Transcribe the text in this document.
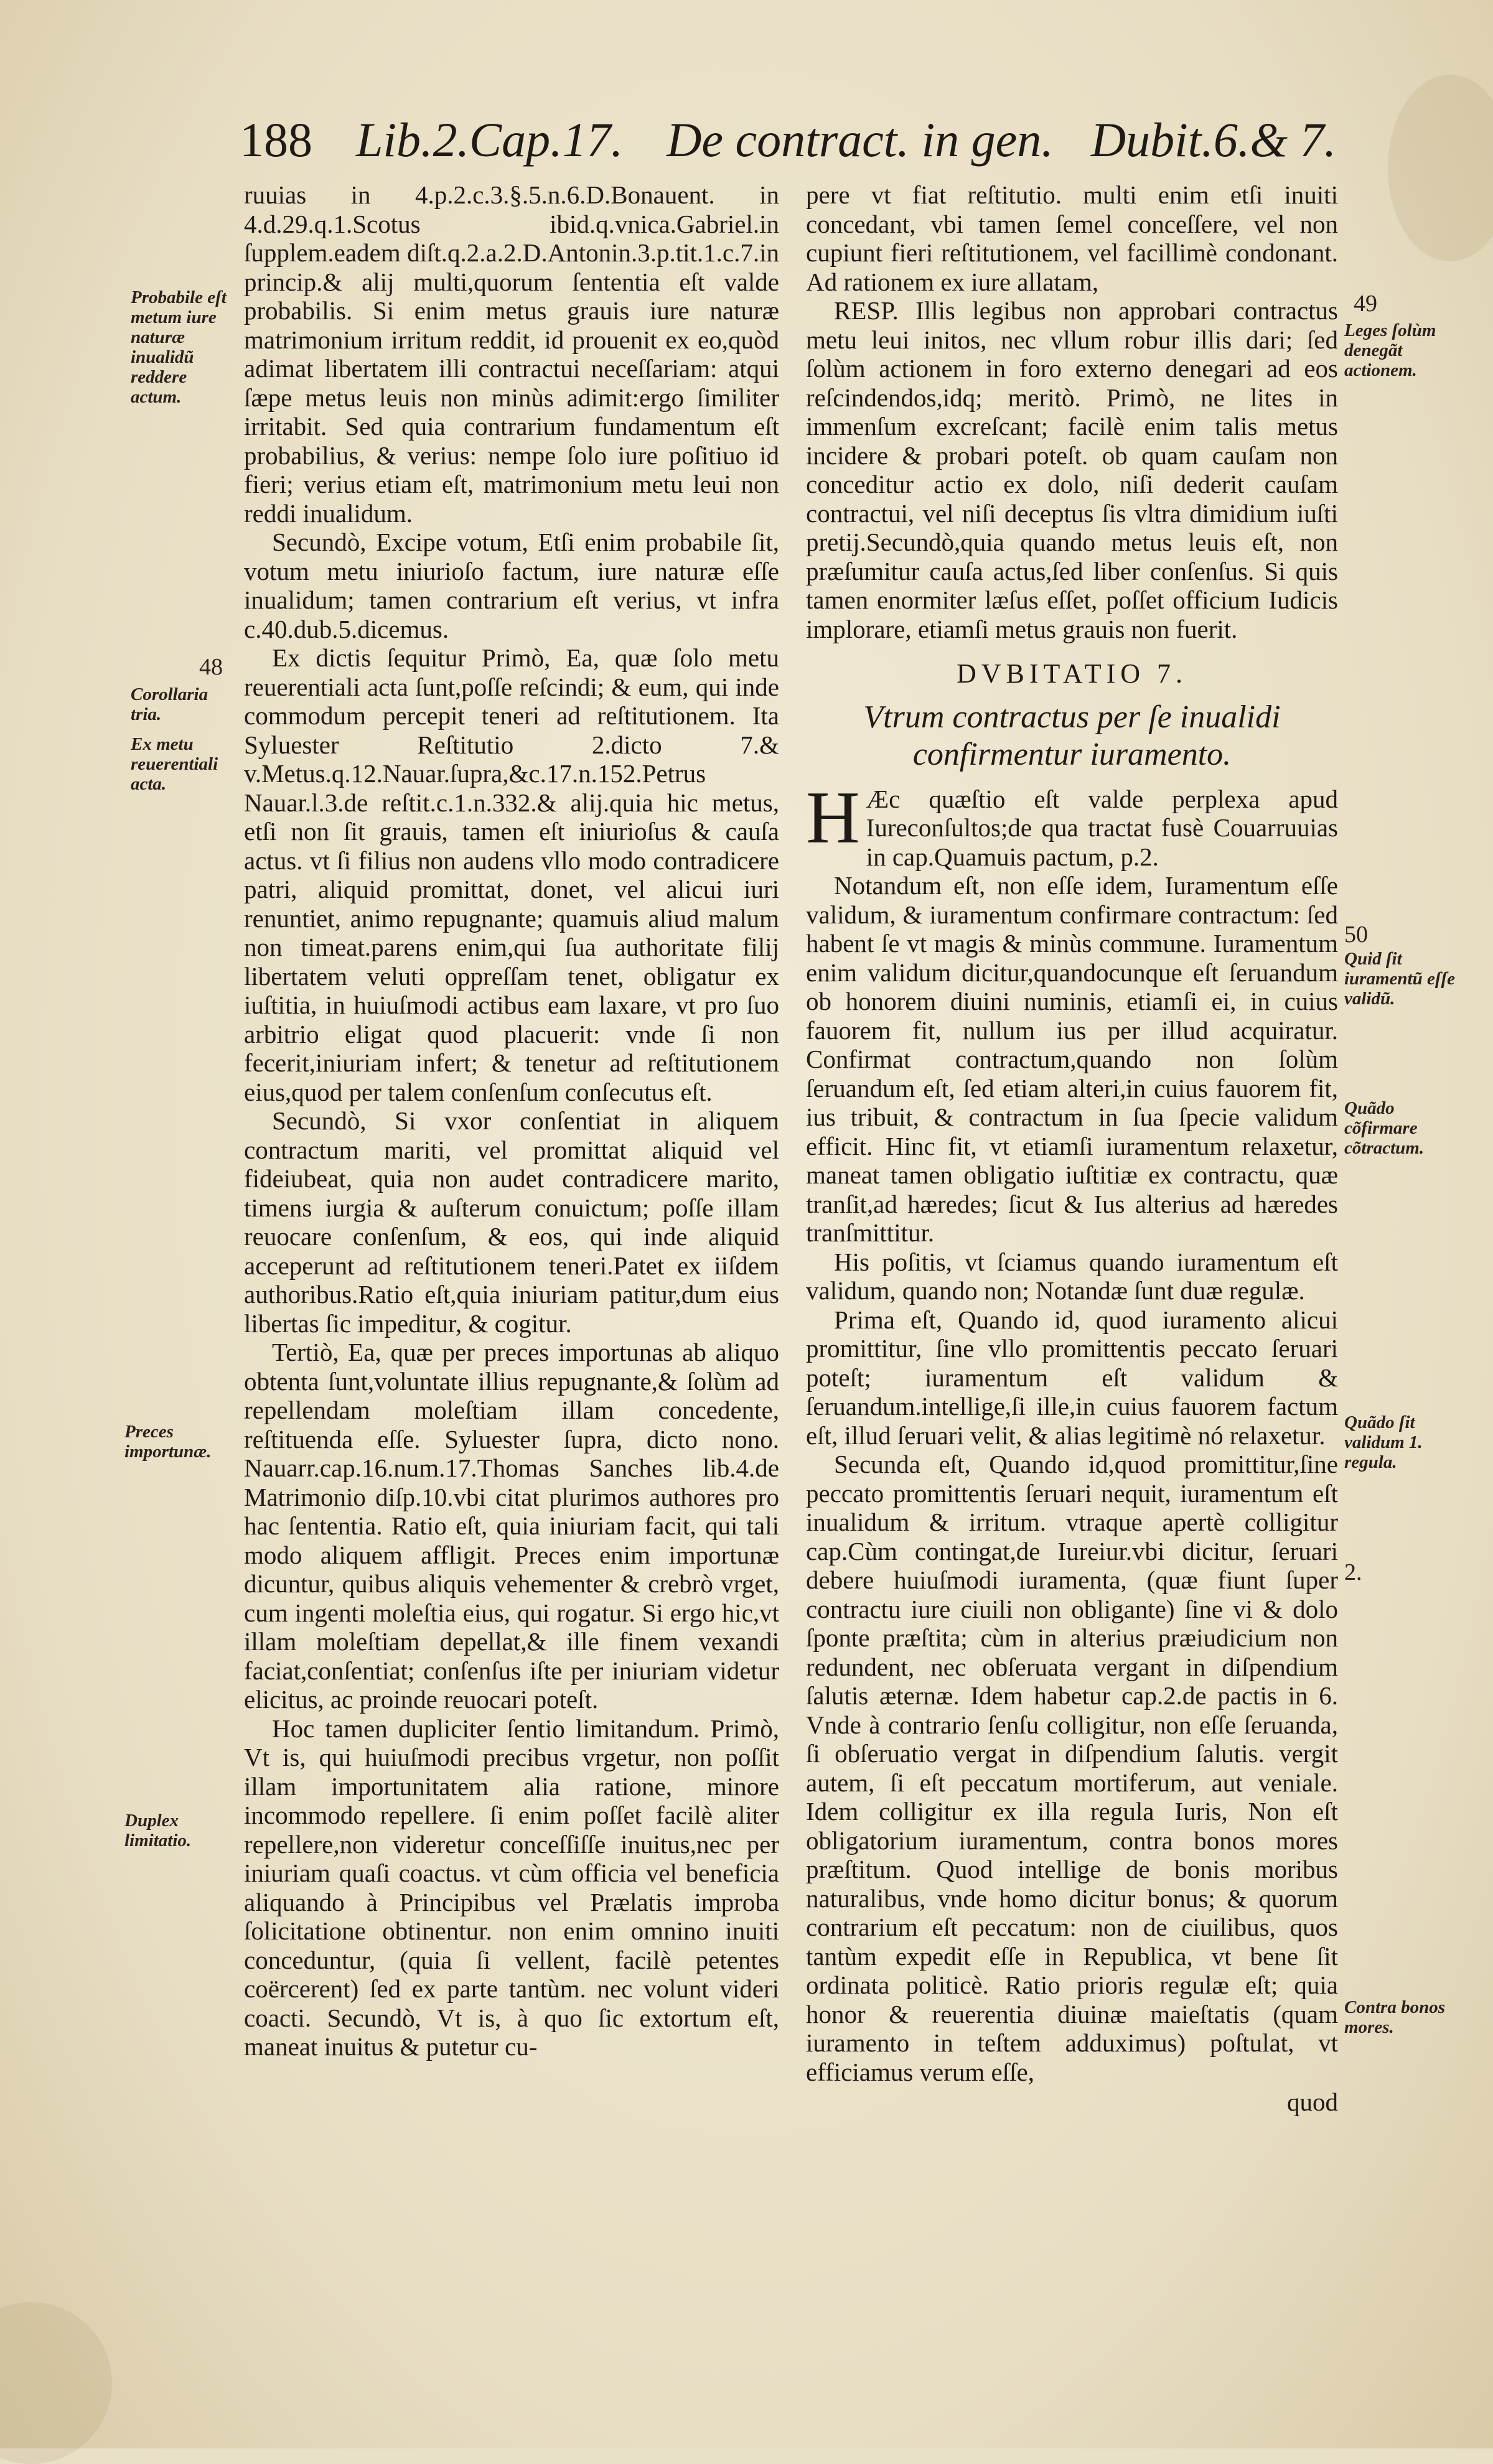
188 Lib.2.Cap.17. De contract. in gen. Dubit.6.& 7.
Probabile eſt metum iure naturæ inualidũ reddere actum.
48
Corollaria tria.
Ex metu reuerentiali acta.
Preces importunæ.
Duplex limitatio.
49
Leges ſolùm denegãt actionem.
50
Quid ſit iuramentũ eſſe validũ.
Quãdo cõfirmare cõtractum.
Quãdo ſit validum 1. regula.
2.
Contra bonos mores.

ruuias in 4.p.2.c.3.§.5.n.6.D.Bonauent. in 4.d.29.q.1.Scotus ibid.q.vnica.Gabriel.in ſupplem.eadem diſt.q.2.a.2.D.Antonin.3.p.tit.1.c.7.in princip.& alij multi,quorum ſententia eſt valde probabilis. Si enim metus grauis iure naturæ matrimonium irritum reddit, id prouenit ex eo,quòd adimat libertatem illi contractui neceſſariam: atqui ſæpe metus leuis non minùs adimit:ergo ſimiliter irritabit. Sed quia contrarium fundamentum eſt probabilius, & verius: nempe ſolo iure poſitiuo id fieri; verius etiam eſt, matrimonium metu leui non reddi inualidum.

Secundò, Excipe votum, Etſi enim probabile ſit, votum metu iniurioſo factum, iure naturæ eſſe inualidum; tamen contrarium eſt verius, vt infra c.40.dub.5.dicemus.

Ex dictis ſequitur Primò, Ea, quæ ſolo metu reuerentiali acta ſunt,poſſe reſcindi; & eum, qui inde commodum percepit teneri ad reſtitutionem. Ita Syluester Reſtitutio 2.dicto 7.& v.Metus.q.12.Nauar.ſupra,&c.17.n.152.Petrus Nauar.l.3.de reſtit.c.1.n.332.& alij.quia hic metus, etſi non ſit grauis, tamen eſt iniurioſus & cauſa actus. vt ſi filius non audens vllo modo contradicere patri, aliquid promittat, donet, vel alicui iuri renuntiet, animo repugnante; quamuis aliud malum non timeat.parens enim,qui ſua authoritate filij libertatem veluti oppreſſam tenet, obligatur ex iuſtitia, in huiuſmodi actibus eam laxare, vt pro ſuo arbitrio eligat quod placuerit: vnde ſi non fecerit,iniuriam infert; & tenetur ad reſtitutionem eius,quod per talem conſenſum conſecutus eſt.

Secundò, Si vxor conſentiat in aliquem contractum mariti, vel promittat aliquid vel fideiubeat, quia non audet contradicere marito, timens iurgia & auſterum conuictum; poſſe illam reuocare conſenſum, & eos, qui inde aliquid acceperunt ad reſtitutionem teneri.Patet ex iiſdem authoribus.Ratio eſt,quia iniuriam patitur,dum eius libertas ſic impeditur, & cogitur.

Tertiò, Ea, quæ per preces importunas ab aliquo obtenta ſunt,voluntate illius repugnante,& ſolùm ad repellendam moleſtiam illam concedente, reſtituenda eſſe. Syluester ſupra, dicto nono. Nauarr.cap.16.num.17.Thomas Sanches lib.4.de Matrimonio diſp.10.vbi citat plurimos authores pro hac ſententia. Ratio eſt, quia iniuriam facit, qui tali modo aliquem affligit. Preces enim importunæ dicuntur, quibus aliquis vehementer & crebrò vrget, cum ingenti moleſtia eius, qui rogatur. Si ergo hic,vt illam moleſtiam depellat,& ille finem vexandi faciat,conſentiat; conſenſus iſte per iniuriam videtur elicitus, ac proinde reuocari poteſt.

Hoc tamen dupliciter ſentio limitandum. Primò, Vt is, qui huiuſmodi precibus vrgetur, non poſſit illam importunitatem alia ratione, minore incommodo repellere. ſi enim poſſet facilè aliter repellere,non videretur conceſſiſſe inuitus,nec per iniuriam quaſi coactus. vt cùm officia vel beneficia aliquando à Principibus vel Prælatis improba ſolicitatione obtinentur. non enim omnino inuiti conceduntur, (quia ſi vellent, facilè petentes coërcerent) ſed ex parte tantùm. nec volunt videri coacti. Secundò, Vt is, à quo ſic extortum eſt, maneat inuitus & putetur cu-

pere vt fiat reſtitutio. multi enim etſi inuiti concedant, vbi tamen ſemel conceſſere, vel non cupiunt fieri reſtitutionem, vel facillimè condonant. Ad rationem ex iure allatam,

RESP. Illis legibus non approbari contractus metu leui initos, nec vllum robur illis dari; ſed ſolùm actionem in foro externo denegari ad eos reſcindendos,idq; meritò. Primò, ne lites in immenſum excreſcant; facilè enim talis metus incidere & probari poteſt. ob quam cauſam non conceditur actio ex dolo, niſi dederit cauſam contractui, vel niſi deceptus ſis vltra dimidium iuſti pretij.Secundò,quia quando metus leuis eſt, non præſumitur cauſa actus,ſed liber conſenſus. Si quis tamen enormiter læſus eſſet, poſſet officium Iudicis implorare, etiamſi metus grauis non fuerit.

DVBITATIO 7.
Vtrum contractus per ſe inualidi confirmentur iuramento.

H Æc quæſtio eſt valde perplexa apud Iureconſultos;de qua tractat fusè Couarruuias in cap.Quamuis pactum, p.2.

Notandum eſt, non eſſe idem, Iuramentum eſſe validum, & iuramentum confirmare contractum: ſed habent ſe vt magis & minùs commune. Iuramentum enim validum dicitur,quandocunque eſt ſeruandum ob honorem diuini numinis, etiamſi ei, in cuius fauorem fit, nullum ius per illud acquiratur. Confirmat contractum,quando non ſolùm ſeruandum eſt, ſed etiam alteri,in cuius fauorem fit, ius tribuit, & contractum in ſua ſpecie validum efficit. Hinc fit, vt etiamſi iuramentum relaxetur, maneat tamen obligatio iuſtitiæ ex contractu, quæ tranſit,ad hæredes; ſicut & Ius alterius ad hæredes tranſmittitur.

His poſitis, vt ſciamus quando iuramentum eſt validum, quando non; Notandæ ſunt duæ regulæ.

Prima eſt, Quando id, quod iuramento alicui promittitur, ſine vllo promittentis peccato ſeruari poteſt; iuramentum eſt validum & ſeruandum.intellige,ſi ille,in cuius fauorem factum eſt, illud ſeruari velit, & alias legitimè nó relaxetur.

Secunda eſt, Quando id,quod promittitur,ſine peccato promittentis ſeruari nequit, iuramentum eſt inualidum & irritum. vtraque apertè colligitur cap.Cùm contingat,de Iureiur.vbi dicitur, ſeruari debere huiuſmodi iuramenta, (quæ fiunt ſuper contractu iure ciuili non obligante) ſine vi & dolo ſponte præſtita; cùm in alterius præiudicium non redundent, nec obſeruata vergant in diſpendium ſalutis æternæ. Idem habetur cap.2.de pactis in 6. Vnde à contrario ſenſu colligitur, non eſſe ſeruanda, ſi obſeruatio vergat in diſpendium ſalutis. vergit autem, ſi eſt peccatum mortiferum, aut veniale. Idem colligitur ex illa regula Iuris, Non eſt obligatorium iuramentum, contra bonos mores præſtitum. Quod intellige de bonis moribus naturalibus, vnde homo dicitur bonus; & quorum contrarium eſt peccatum: non de ciuilibus, quos tantùm expedit eſſe in Republica, vt bene ſit ordinata politicè. Ratio prioris regulæ eſt; quia honor & reuerentia diuinæ maieſtatis (quam iuramento in teſtem adduximus) poſtulat, vt efficiamus verum eſſe,

quod
